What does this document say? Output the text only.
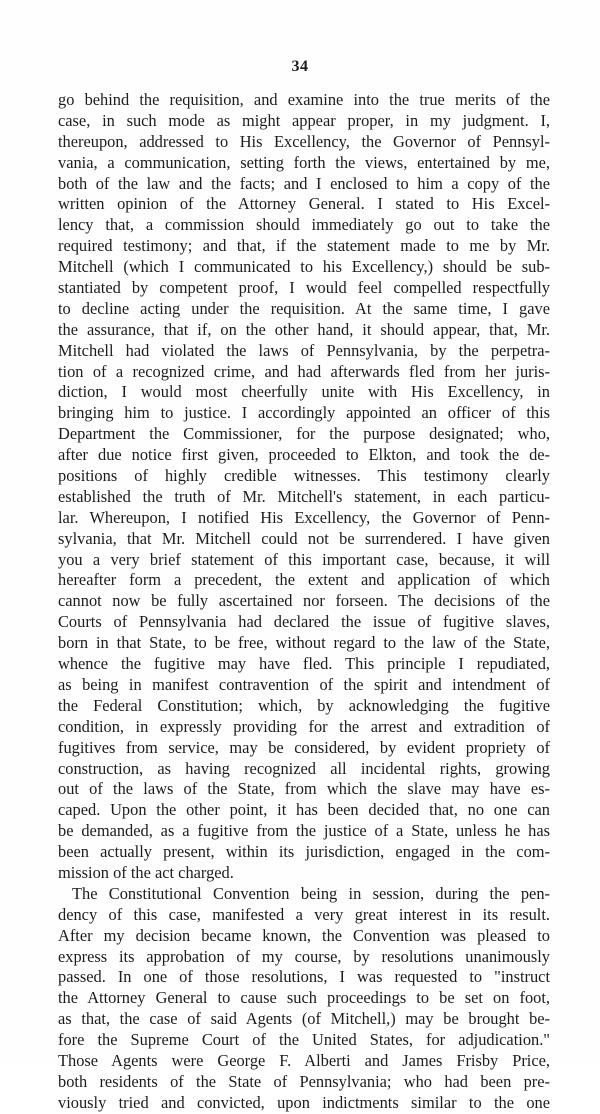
34
go behind the requisition, and examine into the true merits of the
case, in such mode as might appear proper, in my judgment. I,
thereupon, addressed to His Excellency, the Governor of Pennsyl-
vania, a communication, setting forth the views, entertained by me,
both of the law and the facts; and I enclosed to him a copy of the
written opinion of the Attorney General. I stated to His Excel-
lency that, a commission should immediately go out to take the
required testimony; and that, if the statement made to me by Mr.
Mitchell (which I communicated to his Excellency,) should be sub-
stantiated by competent proof, I would feel compelled respectfully
to decline acting under the requisition. At the same time, I gave
the assurance, that if, on the other hand, it should appear, that, Mr.
Mitchell had violated the laws of Pennsylvania, by the perpetra-
tion of a recognized crime, and had afterwards fled from her juris-
diction, I would most cheerfully unite with His Excellency, in
bringing him to justice. I accordingly appointed an officer of this
Department the Commissioner, for the purpose designated; who,
after due notice first given, proceeded to Elkton, and took the de-
positions of highly credible witnesses. This testimony clearly
established the truth of Mr. Mitchell's statement, in each particu-
lar. Whereupon, I notified His Excellency, the Governor of Penn-
sylvania, that Mr. Mitchell could not be surrendered. I have given
you a very brief statement of this important case, because, it will
hereafter form a precedent, the extent and application of which
cannot now be fully ascertained nor forseen. The decisions of the
Courts of Pennsylvania had declared the issue of fugitive slaves,
born in that State, to be free, without regard to the law of the State,
whence the fugitive may have fled. This principle I repudiated,
as being in manifest contravention of the spirit and intendment of
the Federal Constitution; which, by acknowledging the fugitive
condition, in expressly providing for the arrest and extradition of
fugitives from service, may be considered, by evident propriety of
construction, as having recognized all incidental rights, growing
out of the laws of the State, from which the slave may have es-
caped. Upon the other point, it has been decided that, no one can
be demanded, as a fugitive from the justice of a State, unless he has
been actually present, within its jurisdiction, engaged in the com-
mission of the act charged.
The Constitutional Convention being in session, during the pen-
dency of this case, manifested a very great interest in its result.
After my decision became known, the Convention was pleased to
express its approbation of my course, by resolutions unanimously
passed. In one of those resolutions, I was requested to "instruct
the Attorney General to cause such proceedings to be set on foot,
as that, the case of said Agents (of Mitchell,) may be brought be-
fore the Supreme Court of the United States, for adjudication."
Those Agents were George F. Alberti and James Frisby Price,
both residents of the State of Pennsylvania; who had been pre-
viously tried and convicted, upon indictments similar to the one
